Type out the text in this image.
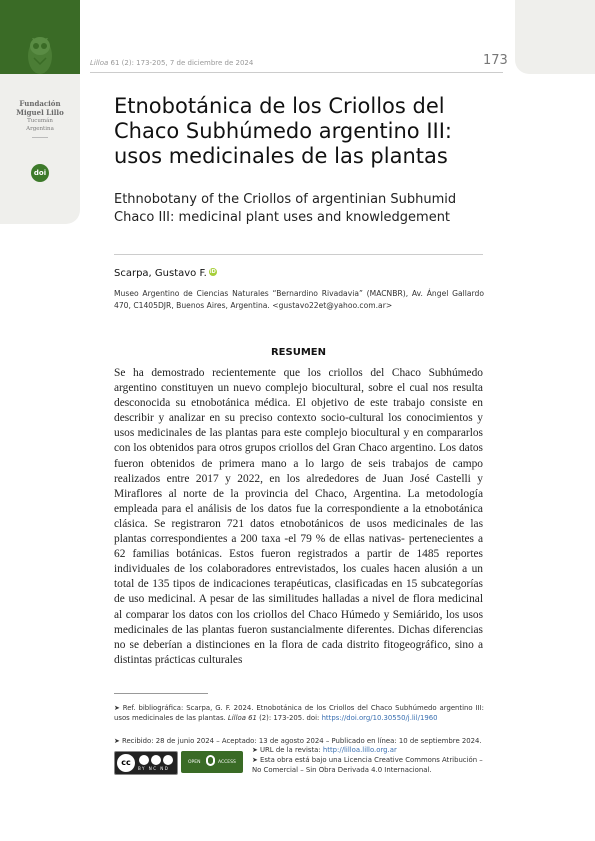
Fundación
Miguel Lillo
Tucumán
Argentina
doi
Lilloa 61 (2): 173-205, 7 de diciembre de 2024	173
Etnobotánica de los Criollos del Chaco Subhúmedo argentino III: usos medicinales de las plantas
Ethnobotany of the Criollos of argentinian Subhumid Chaco III: medicinal plant uses and knowledgement
Scarpa, Gustavo F. iD
Museo Argentino de Ciencias Naturales “Bernardino Rivadavia” (MACNBR), Av. Ángel Gallardo 470, C1405DJR, Buenos Aires, Argentina. <gustavo22et@yahoo.com.ar>
RESUMEN
Se ha demostrado recientemente que los criollos del Chaco Subhúmedo argentino constituyen un nuevo complejo biocultural, sobre el cual nos resulta desconocida su etnobotánica médica. El objetivo de este trabajo consiste en describir y analizar en su preciso contexto socio-cultural los conocimientos y usos medicinales de las plantas para este complejo biocultural y en compararlos con los obtenidos para otros grupos criollos del Gran Chaco argentino. Los datos fueron obtenidos de primera mano a lo largo de seis trabajos de campo realizados entre 2017 y 2022, en los alrededores de Juan José Castelli y Miraflores al norte de la provincia del Chaco, Argentina. La metodología empleada para el análisis de los datos fue la correspondiente a la etnobotánica clásica. Se registraron 721 datos etnobotánicos de usos medicinales de las plantas correspondientes a 200 taxa -el 79 % de ellas nativas- pertenecientes a 62 familias botánicas. Estos fueron registrados a partir de 1485 reportes individuales de los colaboradores entrevistados, los cuales hacen alusión a un total de 135 tipos de indicaciones terapéuticas, clasificadas en 15 subcategorías de uso medicinal. A pesar de las similitudes halladas a nivel de flora medicinal al comparar los datos con los criollos del Chaco Húmedo y Semiárido, los usos medicinales de las plantas fueron sustancialmente diferentes. Dichas diferencias no se deberían a distinciones en la flora de cada distrito fitogeográfico, sino a distintas prácticas culturales
➤ Ref. bibliográfica: Scarpa, G. F. 2024. Etnobotánica de los Criollos del Chaco Subhúmedo argentino III: usos medicinales de las plantas. Lilloa 61 (2): 173-205. doi: https://doi.org/10.30550/j.lil/1960
➤ Recibido: 28 de junio 2024 – Aceptado: 13 de agosto 2024 – Publicado en línea: 10 de septiembre 2024.
cc
BY NC ND
OPEN	ACCESS
➤ URL de la revista: http://lilloa.lillo.org.ar
➤ Esta obra está bajo una Licencia Creative Commons Atribución – No Comercial – Sin Obra Derivada 4.0 Internacional.
